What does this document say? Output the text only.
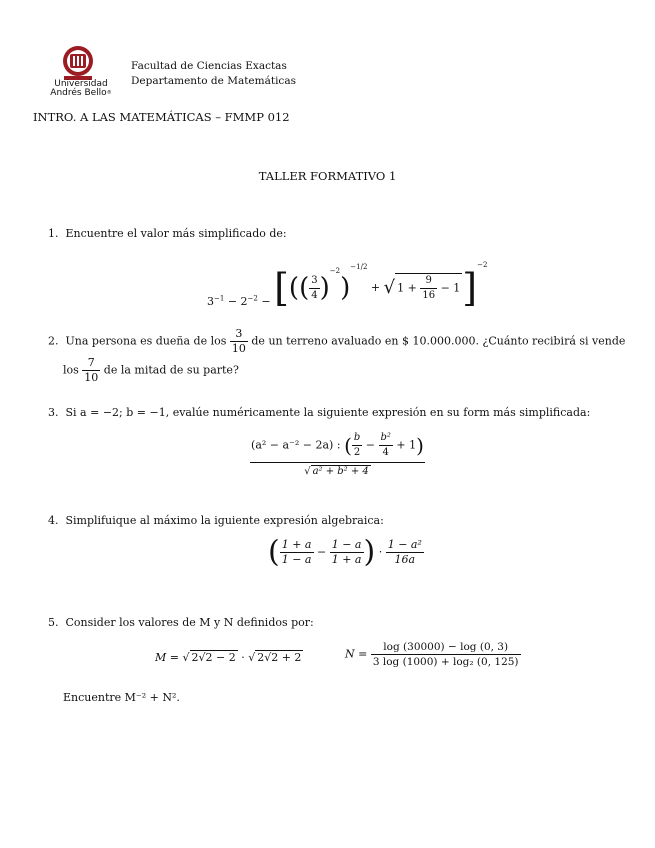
Universidad
Andrés Bello®
Facultad de Ciencias Exactas
Departamento de Matemáticas
INTRO. A LAS MATEMÁTICAS – FMMP 012
TALLER FORMATIVO 1
1. Encuentre el valor más simplificado de:
$3^{-1} - 2^{-2}$ − [(( $\frac{3}{4} )^{-2})^{-1/2}$ + √ $1 + \frac{9}{16} - 1]^{-2}$
2. Una persona es dueña de los $\frac{3}{10}$ de un terreno avaluado en $ 10.000.000. ¿Cuánto recibirá si vende
los $\frac{7}{10}$ de la mitad de su parte?
3. Si a = −2; b = −1, evalúe numéricamente la siguiente expresión en su form más simplificada:
(a² − a⁻² − 2a) : ( $\frac{b}{2} - \frac{\text{b²}}{4} + 1$)
√ a² + b² + 4
4. Simplifuique al máximo la iguiente expresión algebraica:
( $\frac{1 + a}{1 - a} - \frac{1 - a}{1 + a}$ ) · $\frac{\text{1 − a²}}{16a}$
5. Consider los valores de M y N definidos por:
M = √ 2√2 − 2 · √ 2√2 + 2	$N = \frac{\log (30000) - \log (0, 3)}{\text{3 log (1000) + log₂ (0, 125)}}$
Encuentre M⁻² + N².
